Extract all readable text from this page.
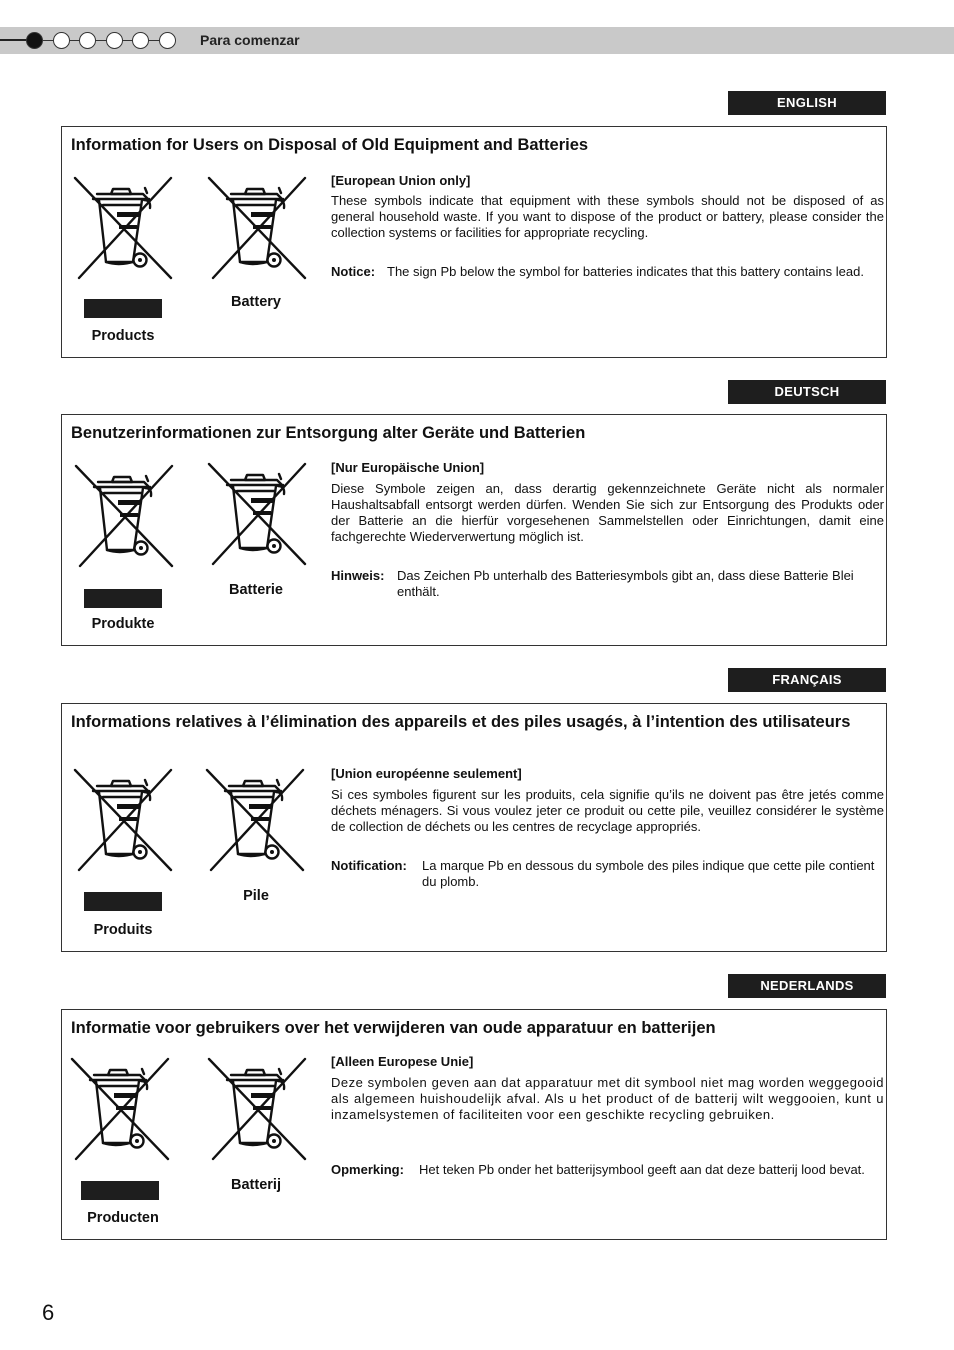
Para comenzar
ENGLISH
Information for Users on Disposal of Old Equipment and Batteries
Products
Battery
[European Union only]
These symbols indicate that equipment with these symbols should not be disposed of as general household waste. If you want to dispose of the product or battery, please consider the collection systems or facilities for appropriate recycling.
Notice: The sign Pb below the symbol for batteries indicates that this battery contains lead.
DEUTSCH
Benutzerinformationen zur Entsorgung alter Geräte und Batterien
Produkte
Batterie
[Nur Europäische Union]
Diese Symbole zeigen an, dass derartig gekennzeichnete Geräte nicht als normaler Haushaltsabfall entsorgt werden dürfen. Wenden Sie sich zur Entsorgung des Produkts oder der Batterie an die hierfür vorgesehenen Sammelstellen oder Einrichtungen, damit eine fachgerechte Wiederverwertung möglich ist.
Hinweis: Das Zeichen Pb unterhalb des Batteriesymbols gibt an, dass diese Batterie Blei enthält.
FRANÇAIS
Informations relatives à l’élimination des appareils et des piles usagés, à l’intention des utilisateurs
Produits
Pile
[Union européenne seulement]
Si ces symboles figurent sur les produits, cela signifie qu’ils ne doivent pas être jetés comme déchets ménagers. Si vous voulez jeter ce produit ou cette pile, veuillez considérer le système de collection de déchets ou les centres de recyclage appropriés.
Notification: La marque Pb en dessous du symbole des piles indique que cette pile contient du plomb.
NEDERLANDS
Informatie voor gebruikers over het verwijderen van oude apparatuur en batterijen
Producten
Batterij
[Alleen Europese Unie]
Deze symbolen geven aan dat apparatuur met dit symbool niet mag worden weggegooid als algemeen huishoudelijk afval. Als u het product of de batterij wilt weggooien, kunt u inzamelsystemen of faciliteiten voor een geschikte recycling gebruiken.
Opmerking: Het teken Pb onder het batterijsymbool geeft aan dat deze batterij lood bevat.
6
